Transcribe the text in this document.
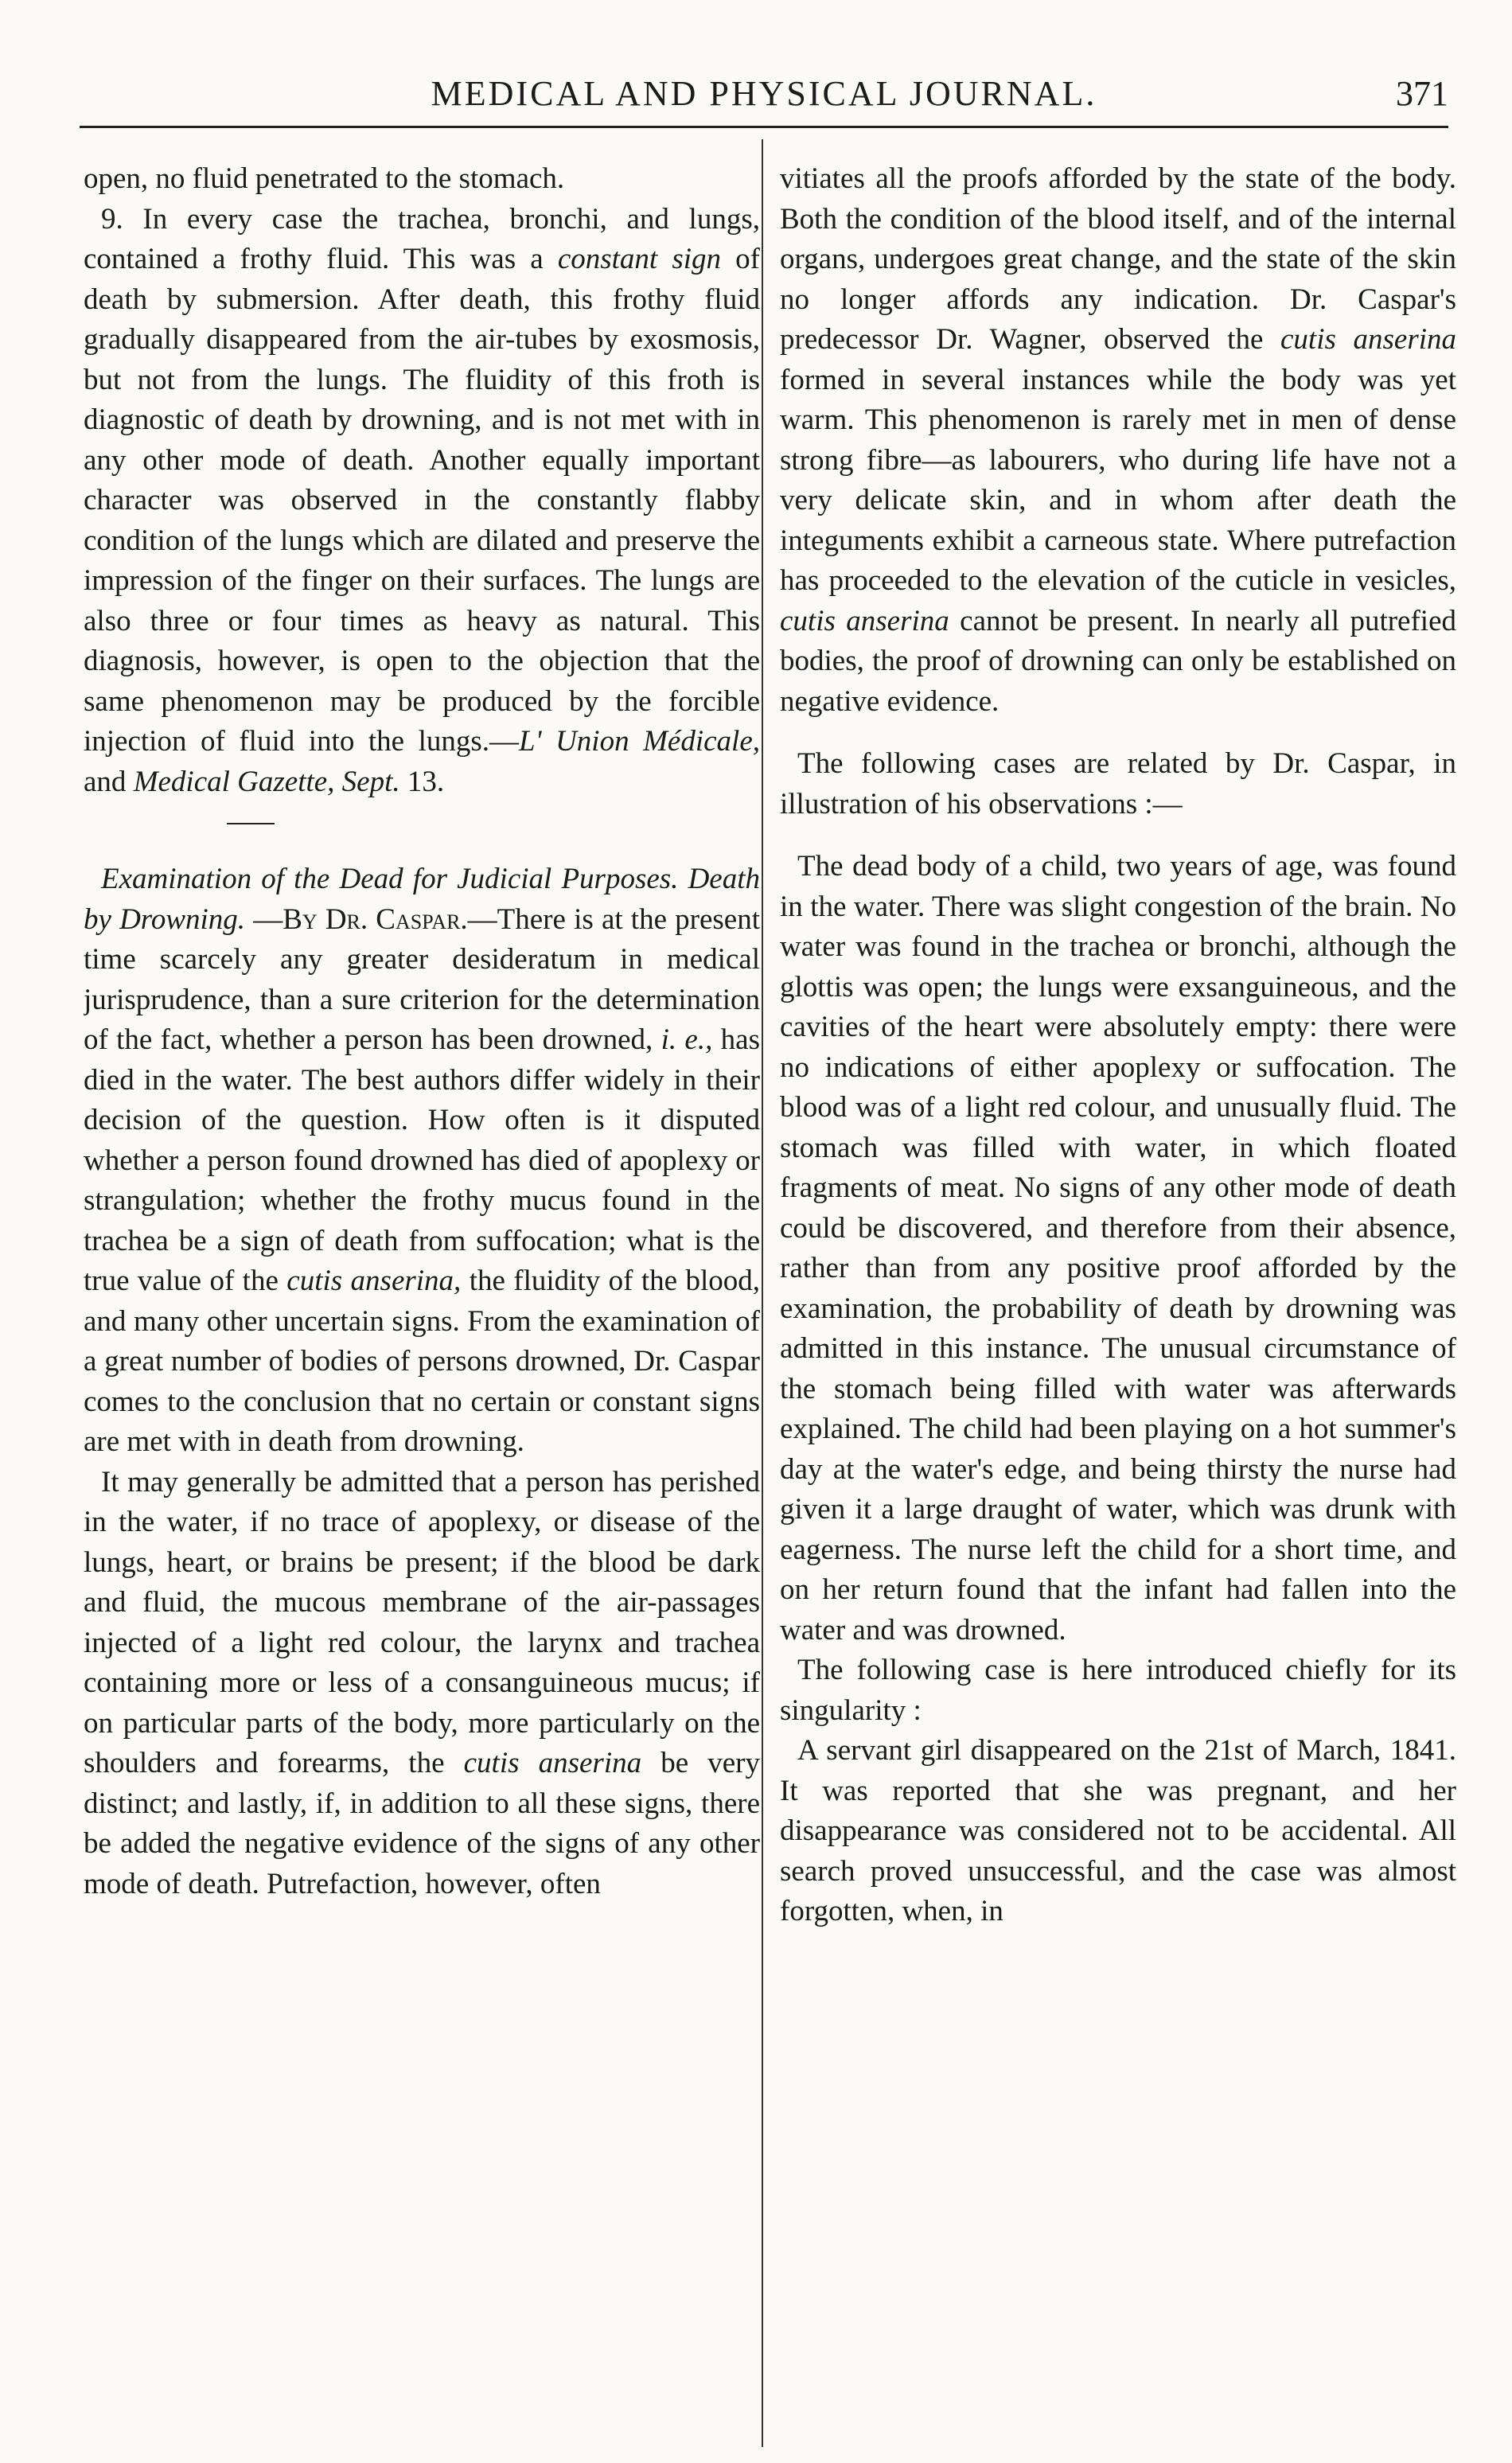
MEDICAL AND PHYSICAL JOURNAL.	371

open, no fluid penetrated to the stomach.

9. In every case the trachea, bronchi, and lungs, contained a frothy fluid. This was a constant sign of death by submersion. After death, this frothy fluid gradually disappeared from the air-tubes by exosmosis, but not from the lungs. The fluidity of this froth is diagnostic of death by drowning, and is not met with in any other mode of death. Another equally important character was observed in the constantly flabby condition of the lungs which are dilated and preserve the impression of the finger on their surfaces. The lungs are also three or four times as heavy as natural. This diagnosis, however, is open to the objection that the same phenomenon may be produced by the forcible injection of fluid into the lungs.—L' Union Médicale, and Medical Gazette, Sept. 13.

Examination of the Dead for Judicial Purposes. Death by Drowning. —By Dr. Caspar.—There is at the present time scarcely any greater desideratum in medical jurisprudence, than a sure criterion for the determination of the fact, whether a person has been drowned, i. e., has died in the water. The best authors differ widely in their decision of the question. How often is it disputed whether a person found drowned has died of apoplexy or strangulation; whether the frothy mucus found in the trachea be a sign of death from suffocation; what is the true value of the cutis anserina, the fluidity of the blood, and many other uncertain signs. From the examination of a great number of bodies of persons drowned, Dr. Caspar comes to the conclusion that no certain or constant signs are met with in death from drowning.

It may generally be admitted that a person has perished in the water, if no trace of apoplexy, or disease of the lungs, heart, or brains be present; if the blood be dark and fluid, the mucous membrane of the air-passages injected of a light red colour, the larynx and trachea containing more or less of a consanguineous mucus; if on particular parts of the body, more particularly on the shoulders and forearms, the cutis anserina be very distinct; and lastly, if, in addition to all these signs, there be added the negative evidence of the signs of any other mode of death. Putrefaction, however, often

vitiates all the proofs afforded by the state of the body. Both the condition of the blood itself, and of the internal organs, undergoes great change, and the state of the skin no longer affords any indication. Dr. Caspar's predecessor Dr. Wagner, observed the cutis anserina formed in several instances while the body was yet warm. This phenomenon is rarely met in men of dense strong fibre—as labourers, who during life have not a very delicate skin, and in whom after death the integuments exhibit a carneous state. Where putrefaction has proceeded to the elevation of the cuticle in vesicles, cutis anserina cannot be present. In nearly all putrefied bodies, the proof of drowning can only be established on negative evidence.

The following cases are related by Dr. Caspar, in illustration of his observations :—

The dead body of a child, two years of age, was found in the water. There was slight congestion of the brain. No water was found in the trachea or bronchi, although the glottis was open; the lungs were exsanguineous, and the cavities of the heart were absolutely empty: there were no indications of either apoplexy or suffocation. The blood was of a light red colour, and unusually fluid. The stomach was filled with water, in which floated fragments of meat. No signs of any other mode of death could be discovered, and therefore from their absence, rather than from any positive proof afforded by the examination, the probability of death by drowning was admitted in this instance. The unusual circumstance of the stomach being filled with water was afterwards explained. The child had been playing on a hot summer's day at the water's edge, and being thirsty the nurse had given it a large draught of water, which was drunk with eagerness. The nurse left the child for a short time, and on her return found that the infant had fallen into the water and was drowned.

The following case is here introduced chiefly for its singularity :

A servant girl disappeared on the 21st of March, 1841. It was reported that she was pregnant, and her disappearance was considered not to be accidental. All search proved unsuccessful, and the case was almost forgotten, when, in
